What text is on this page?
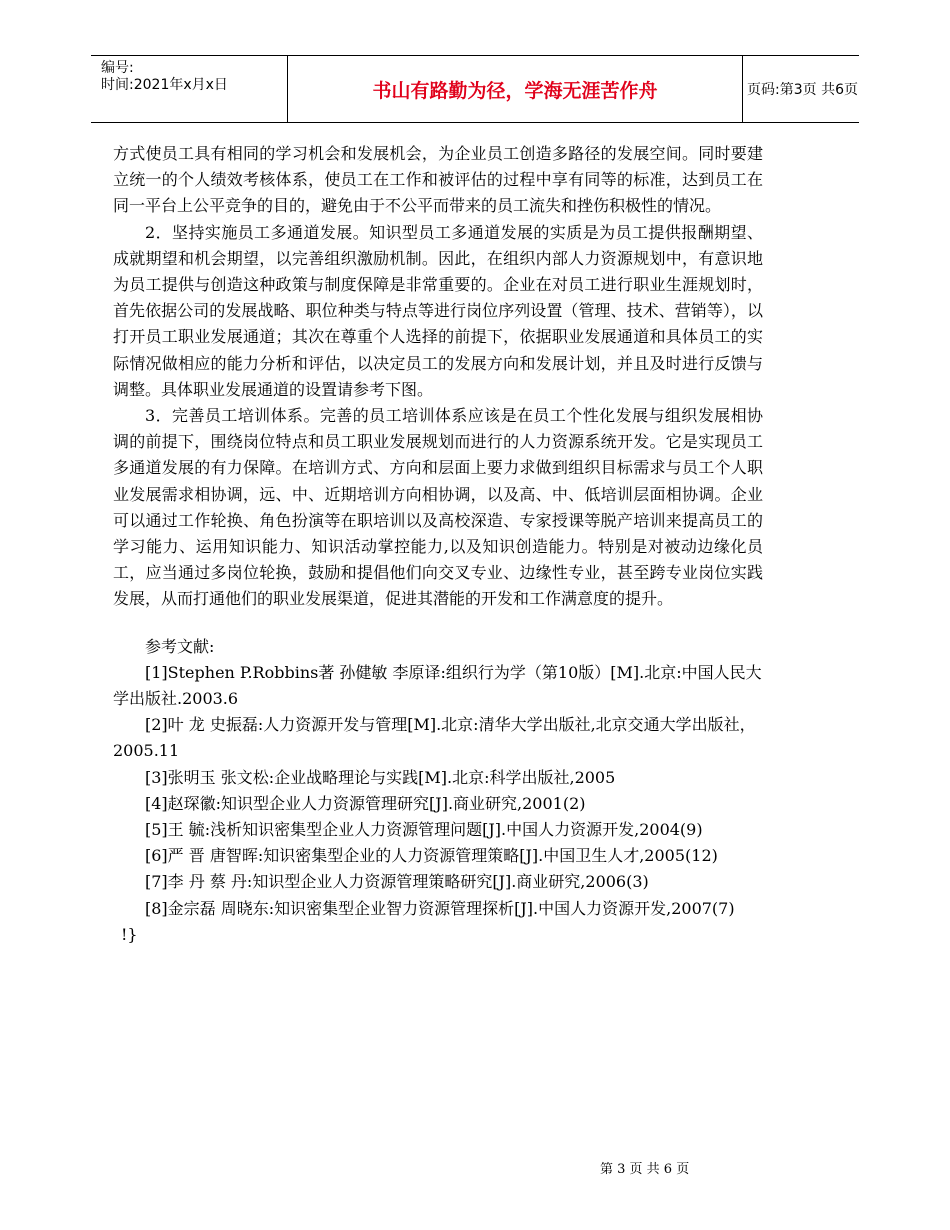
编号:
时间:2021年x月x日	书山有路勤为径，学海无涯苦作舟	页码:第3页 共6页

方式使员工具有相同的学习机会和发展机会，为企业员工创造多路径的发展空间。同时要建立统一的个人绩效考核体系，使员工在工作和被评估的过程中享有同等的标准，达到员工在同一平台上公平竞争的目的，避免由于不公平而带来的员工流失和挫伤积极性的情况。

2．坚持实施员工多通道发展。知识型员工多通道发展的实质是为员工提供报酬期望、成就期望和机会期望，以完善组织激励机制。因此，在组织内部人力资源规划中，有意识地为员工提供与创造这种政策与制度保障是非常重要的。企业在对员工进行职业生涯规划时，首先依据公司的发展战略、职位种类与特点等进行岗位序列设置（管理、技术、营销等），以打开员工职业发展通道；其次在尊重个人选择的前提下，依据职业发展通道和具体员工的实际情况做相应的能力分析和评估，以决定员工的发展方向和发展计划，并且及时进行反馈与调整。具体职业发展通道的设置请参考下图。

3．完善员工培训体系。完善的员工培训体系应该是在员工个性化发展与组织发展相协调的前提下，围绕岗位特点和员工职业发展规划而进行的人力资源系统开发。它是实现员工多通道发展的有力保障。在培训方式、方向和层面上要力求做到组织目标需求与员工个人职业发展需求相协调，远、中、近期培训方向相协调，以及高、中、低培训层面相协调。企业可以通过工作轮换、角色扮演等在职培训以及高校深造、专家授课等脱产培训来提高员工的学习能力、运用知识能力、知识活动掌控能力,以及知识创造能力。特别是对被动边缘化员工，应当通过多岗位轮换，鼓励和提倡他们向交叉专业、边缘性专业，甚至跨专业岗位实践发展，从而打通他们的职业发展渠道，促进其潜能的开发和工作满意度的提升。

参考文献:

[1]Stephen P.Robbins著 孙健敏 李原译:组织行为学（第10版）[M].北京:中国人民大学出版社.2003.6

[2]叶 龙 史振磊:人力资源开发与管理[M].北京:清华大学出版社,北京交通大学出版社，2005.11

[3]张明玉 张文松:企业战略理论与实践[M].北京:科学出版社,2005

[4]赵琛徽:知识型企业人力资源管理研究[J].商业研究,2001(2)

[5]王 毓:浅析知识密集型企业人力资源管理问题[J].中国人力资源开发,2004(9)

[6]严 晋 唐智晖:知识密集型企业的人力资源管理策略[J].中国卫生人才,2005(12)

[7]李 丹 蔡 丹:知识型企业人力资源管理策略研究[J].商业研究,2006(3)

[8]金宗磊 周晓东:知识密集型企业智力资源管理探析[J].中国人力资源开发,2007(7)

!}

第 3 页 共 6 页
